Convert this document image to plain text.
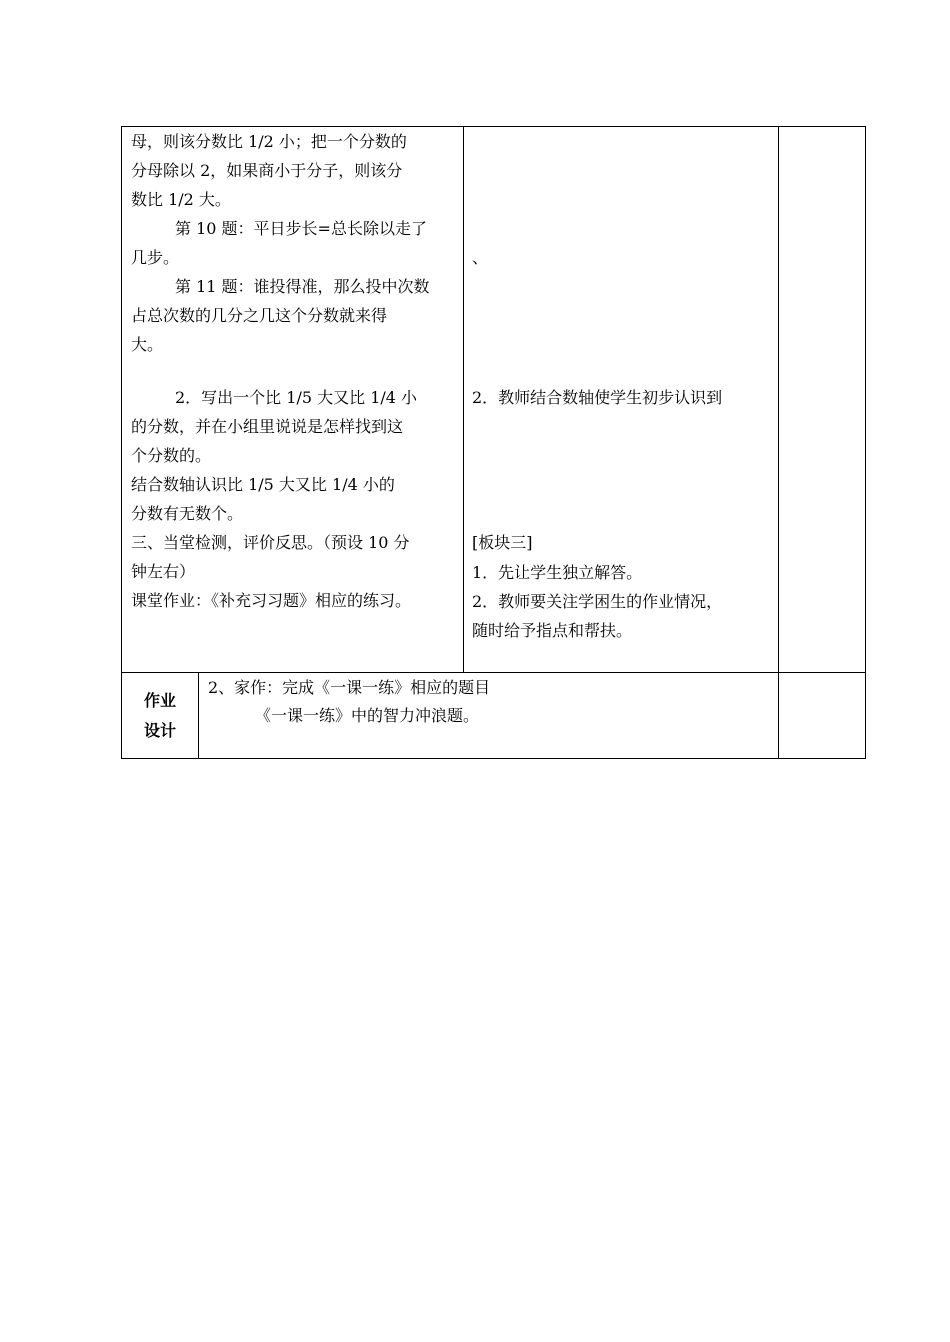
母，则该分数比 1/2 小；把一个分数的
分母除以 2，如果商小于分子，则该分
数比 1/2 大。
第 10 题：平日步长=总长除以走了
几步。
第 11 题：谁投得准，那么投中次数
占总次数的几分之几这个分数就来得
大。
2．写出一个比 1/5 大又比 1/4 小
的分数，并在小组里说说是怎样找到这
个分数的。
结合数轴认识比 1/5 大又比 1/4 小的
分数有无数个。
三、当堂检测，评价反思。（预设 10 分
钟左右）
课堂作业：《补充习习题》相应的练习。
、
2．教师结合数轴使学生初步认识到
[板块三]
1．先让学生独立解答。
2．教师要关注学困生的作业情况，
随时给予指点和帮扶。
作业
设计
2、家作：完成《一课一练》相应的题目
《一课一练》中的智力冲浪题。
